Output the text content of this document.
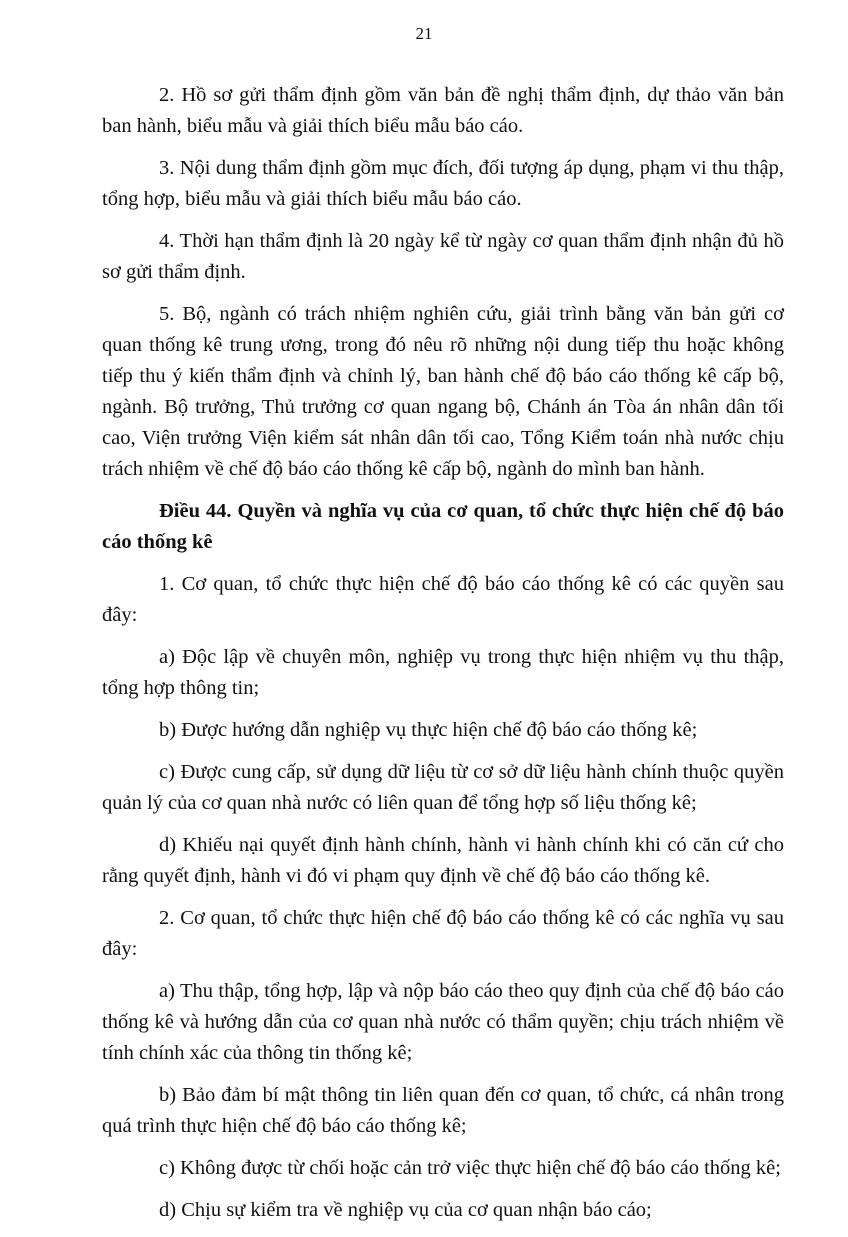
21

2. Hồ sơ gửi thẩm định gồm văn bản đề nghị thẩm định, dự thảo văn bản ban hành, biểu mẫu và giải thích biểu mẫu báo cáo.

3. Nội dung thẩm định gồm mục đích, đối tượng áp dụng, phạm vi thu thập, tổng hợp, biểu mẫu và giải thích biểu mẫu báo cáo.

4. Thời hạn thẩm định là 20 ngày kể từ ngày cơ quan thẩm định nhận đủ hồ sơ gửi thẩm định.

5. Bộ, ngành có trách nhiệm nghiên cứu, giải trình bằng văn bản gửi cơ quan thống kê trung ương, trong đó nêu rõ những nội dung tiếp thu hoặc không tiếp thu ý kiến thẩm định và chỉnh lý, ban hành chế độ báo cáo thống kê cấp bộ, ngành. Bộ trưởng, Thủ trưởng cơ quan ngang bộ, Chánh án Tòa án nhân dân tối cao, Viện trưởng Viện kiểm sát nhân dân tối cao, Tổng Kiểm toán nhà nước chịu trách nhiệm về chế độ báo cáo thống kê cấp bộ, ngành do mình ban hành.

Điều 44. Quyền và nghĩa vụ của cơ quan, tổ chức thực hiện chế độ báo cáo thống kê

1. Cơ quan, tổ chức thực hiện chế độ báo cáo thống kê có các quyền sau đây:

a) Độc lập về chuyên môn, nghiệp vụ trong thực hiện nhiệm vụ thu thập, tổng hợp thông tin;

b) Được hướng dẫn nghiệp vụ thực hiện chế độ báo cáo thống kê;

c) Được cung cấp, sử dụng dữ liệu từ cơ sở dữ liệu hành chính thuộc quyền quản lý của cơ quan nhà nước có liên quan để tổng hợp số liệu thống kê;

d) Khiếu nại quyết định hành chính, hành vi hành chính khi có căn cứ cho rằng quyết định, hành vi đó vi phạm quy định về chế độ báo cáo thống kê.

2. Cơ quan, tổ chức thực hiện chế độ báo cáo thống kê có các nghĩa vụ sau đây:

a) Thu thập, tổng hợp, lập và nộp báo cáo theo quy định của chế độ báo cáo thống kê và hướng dẫn của cơ quan nhà nước có thẩm quyền; chịu trách nhiệm về tính chính xác của thông tin thống kê;

b) Bảo đảm bí mật thông tin liên quan đến cơ quan, tổ chức, cá nhân trong quá trình thực hiện chế độ báo cáo thống kê;

c) Không được từ chối hoặc cản trở việc thực hiện chế độ báo cáo thống kê;

d) Chịu sự kiểm tra về nghiệp vụ của cơ quan nhận báo cáo;
